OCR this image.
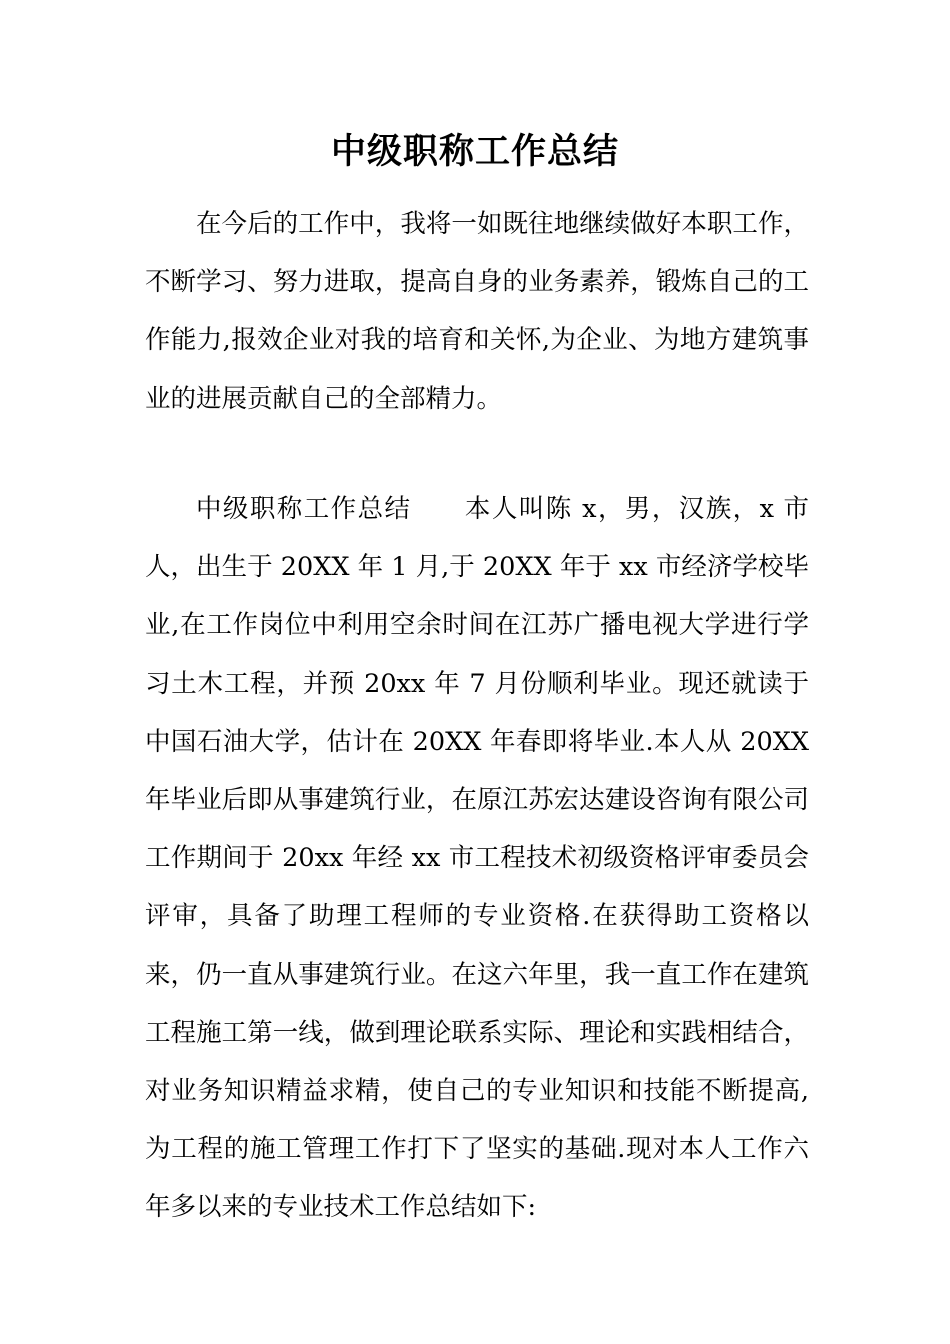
中级职称工作总结

在今后的工作中，我将一如既往地继续做好本职工作，不断学习、努力进取，提高自身的业务素养，锻炼自己的工作能力,报效企业对我的培育和关怀,为企业、为地方建筑事业的进展贡献自己的全部精力。

中级职称工作总结 本人叫陈 x，男，汉族，x 市人，出生于 20XX 年 1 月,于 20XX 年于 xx 市经济学校毕业,在工作岗位中利用空余时间在江苏广播电视大学进行学习土木工程，并预 20xx 年 7 月份顺利毕业。现还就读于中国石油大学，估计在 20XX 年春即将毕业.本人从 20XX 年毕业后即从事建筑行业，在原江苏宏达建设咨询有限公司工作期间于 20xx 年经 xx 市工程技术初级资格评审委员会评审，具备了助理工程师的专业资格.在获得助工资格以来，仍一直从事建筑行业。在这六年里，我一直工作在建筑工程施工第一线，做到理论联系实际、理论和实践相结合，对业务知识精益求精，使自己的专业知识和技能不断提高,为工程的施工管理工作打下了坚实的基础.现对本人工作六年多以来的专业技术工作总结如下:
